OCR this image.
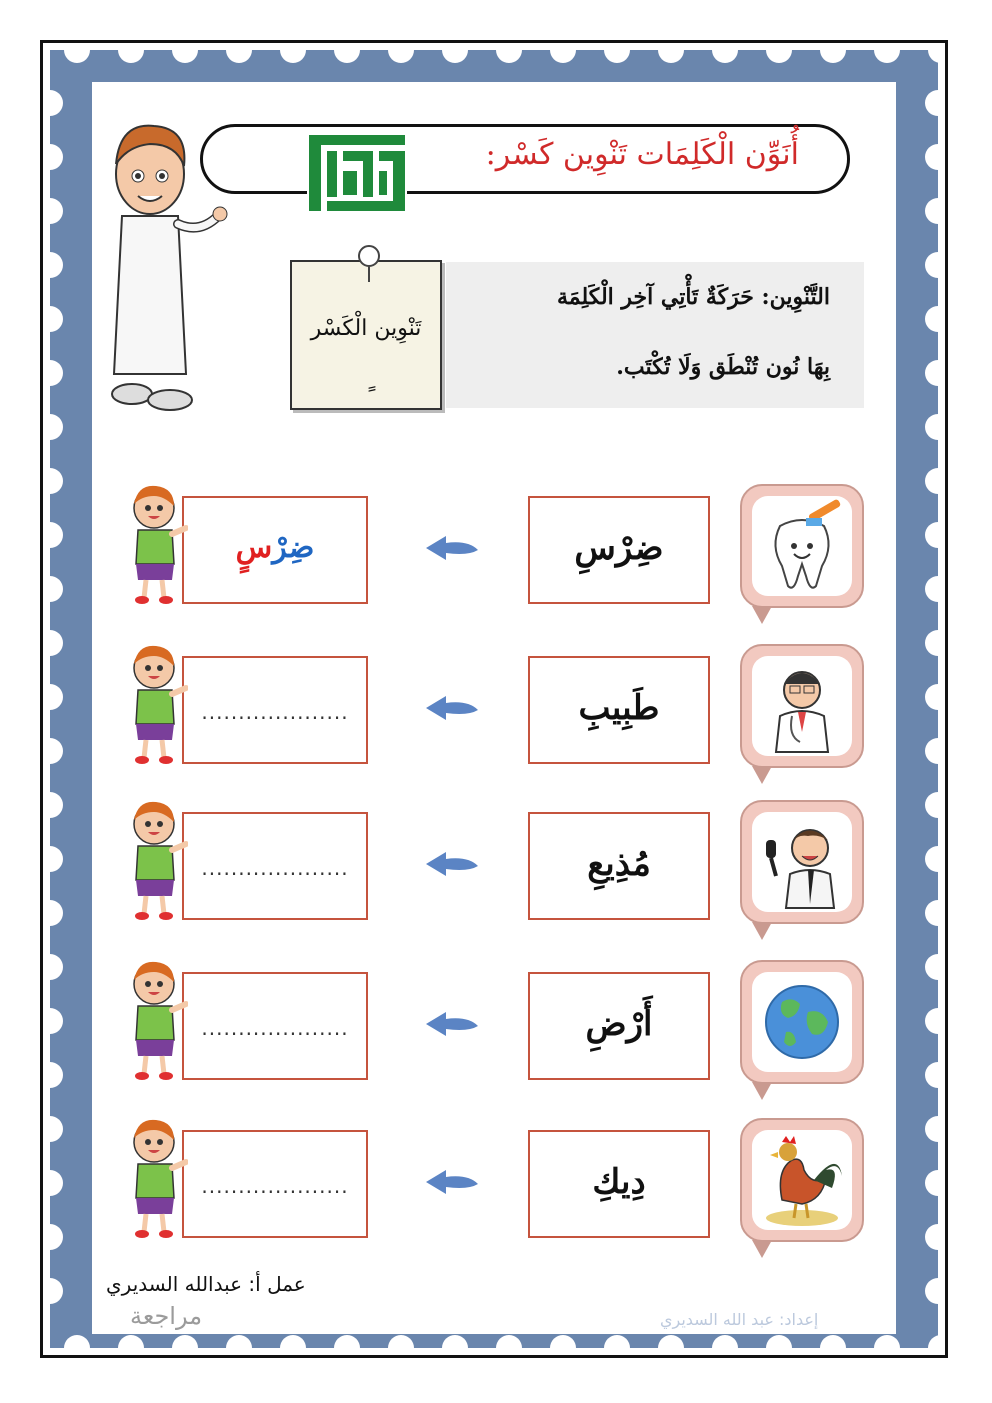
أُنَوِّن الْكَلِمَات تَنْوِين كَسْر:
تَنْوِين الْكَسْر
التَّنْوِين: حَرَكَةٌ تَأْتِي آخِر الْكَلِمَة
بِهَا نُون تُنْطَق وَلَا تُكْتَب.
ضِرْسِ
ضِرْسٍ
طَبِيبِ
....................
مُذِيعِ
....................
أَرْضِ
....................
دِيكِ
....................
عمل أ: عبدالله السديري
مراجعة	إعداد: عبد الله السديري
